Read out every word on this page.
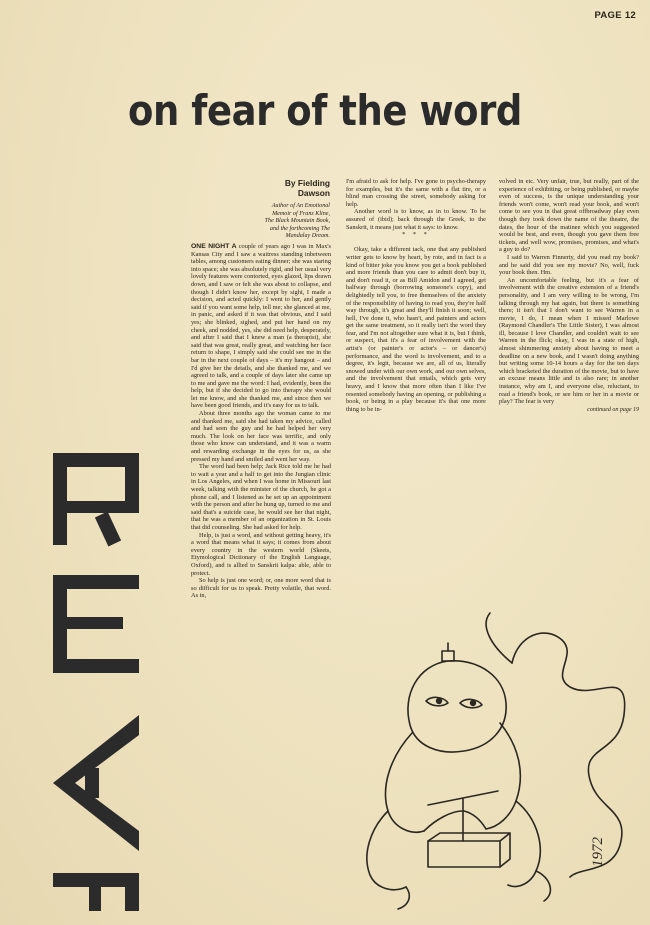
PAGE 12
on fear of the word
By Fielding Dawson
Author of An Emotional
Memoir of Franz Kline,
The Black Mountain Book,
and the forthcoming The
Mandalay Dream.

ONE NIGHT A couple of years ago I was in Max's Kansas City and I saw a waitress standing inbetween tables, among customers eating dinner; she was staring into space; she was absolutely rigid, and her usual very lovely features were contorted, eyes glazed, lips drawn down, and I saw or felt she was about to collapse, and though I didn't know her, except by sight, I made a decision, and acted quickly: I went to her, and gently said if you want some help, tell me; she glanced at me, in panic, and asked if it was that obvious, and I said yes; she blinked, sighed, and put her hand on my cheek, and nodded, yes, she did need help, desperately, and after I said that I knew a man (a therapist), she said that was great, really great, and watching her face return to shape, I simply said she could see me in the bar in the next couple of days – it's my hangout – and I'd give her the details, and she thanked me, and we agreed to talk, and a couple of days later she came up to me and gave me the word: I had, evidently, been the help, but if she decided to go into therapy she would let me know, and she thanked me, and since then we have been good friends, and it's easy for us to talk.

About three months ago the woman came to me and thanked me, said she had taken my advice, called and had seen the guy and he had helped her very much. The look on her face was terrific, and only those who know can understand, and it was a warm and rewarding exchange in the eyes for us, as she pressed my hand and smiled and went her way.

The word had been help; Jack Rice told me he had to wait a year and a half to get into the Jungian clinic in Los Angeles, and when I was home in Missouri last week, talking with the minister of the church, he got a phone call, and I listened as he set up an appointment with the person and after he hung up, turned to me and said that's a suicide case, he would see her that night, that he was a member of an organization in St. Louis that did counseling. She had asked for help.

Help, is just a word, and without getting heavy, it's a word that means what it says; it comes from about every country in the western world (Skeets, Etymological Dictionary of the English Language, Oxford), and is allied to Sanskrit kalpa: able, able to protect.

So help is just one word; or, one more word that is so difficult for us to speak. Pretty volatile, that word. As in,

I'm afraid to ask for help. I've gone to psycho-therapy for examples, but it's the same with a flat tire, or a blind man crossing the street, somebody asking for help.

Another word is to know, as in to know. To be assured of (ibid); back through the Greek, to the Sanskrit, it means just what it says: to know.

* * *

Okay, take a different tack, one that any published writer gets to know by heart, by rote, and in fact is a kind of bitter joke you know you get a book published and more friends than you care to admit don't buy it, and don't read it, or as Bill Amidon and I agreed, get halfway through (borrowing someone's copy), and delightedly tell you, to free themselves of the anxiety of the responsibility of having to read you, they're half way through, it's great and they'll finish it soon; well, hell, I've done it, who hasn't, and painters and actors get the same treatment, so it really isn't the word they fear, and I'm not altogether sure what it is, but I think, or suspect, that it's a fear of involvement with the artist's (or painter's or actor's – or dancer's) performance, and the word is involvement, and to a degree, it's legit, because we are, all of us, literally snowed under with our own work, and our own selves, and the involvement that entails, which gets very heavy, and I know that more often than I like I've resented somebody having an opening, or publishing a book, or being in a play because it's that one more thing to be in-

volved in etc. Very unfair, true, but really, part of the experience of exhibiting, or being published, or maybe even of success, is the unique understanding your friends won't come, won't read your book, and won't come to see you in that great offbroadway play even though they took down the name of the theatre, the dates, the hour of the matinee which you suggested would be best, and even, though you gave them free tickets, and well wow, promises, promises, and what's a guy to do?

I said to Warren Finnerty, did you read my book? and he said did you see my movie? No, well, fuck your book then. Hm.

An uncomfortable feeling, but it's a fear of involvement with the creative extension of a friend's personality, and I am very willing to be wrong, I'm talking through my hat again, but there is something there; it isn't that I don't want to see Warren in a movie, I do, I mean when I missed Marlowe (Raymond Chandler's The Little Sister), I was almost ill, because I love Chandler, and couldn't wait to see Warren in the flick; okay, I was in a state of high, almost shimmering anxiety about having to meet a deadline on a new book, and I wasn't doing anything but writing some 10-14 hours a day for the ten days which bracketed the duration of the movie, but to have an excuse means little and is also rare; in another instance, why am I, and everyone else, reluctant, to read a friend's book, or see him or her in a movie or play? The fear is very

continued on page 19
1972
